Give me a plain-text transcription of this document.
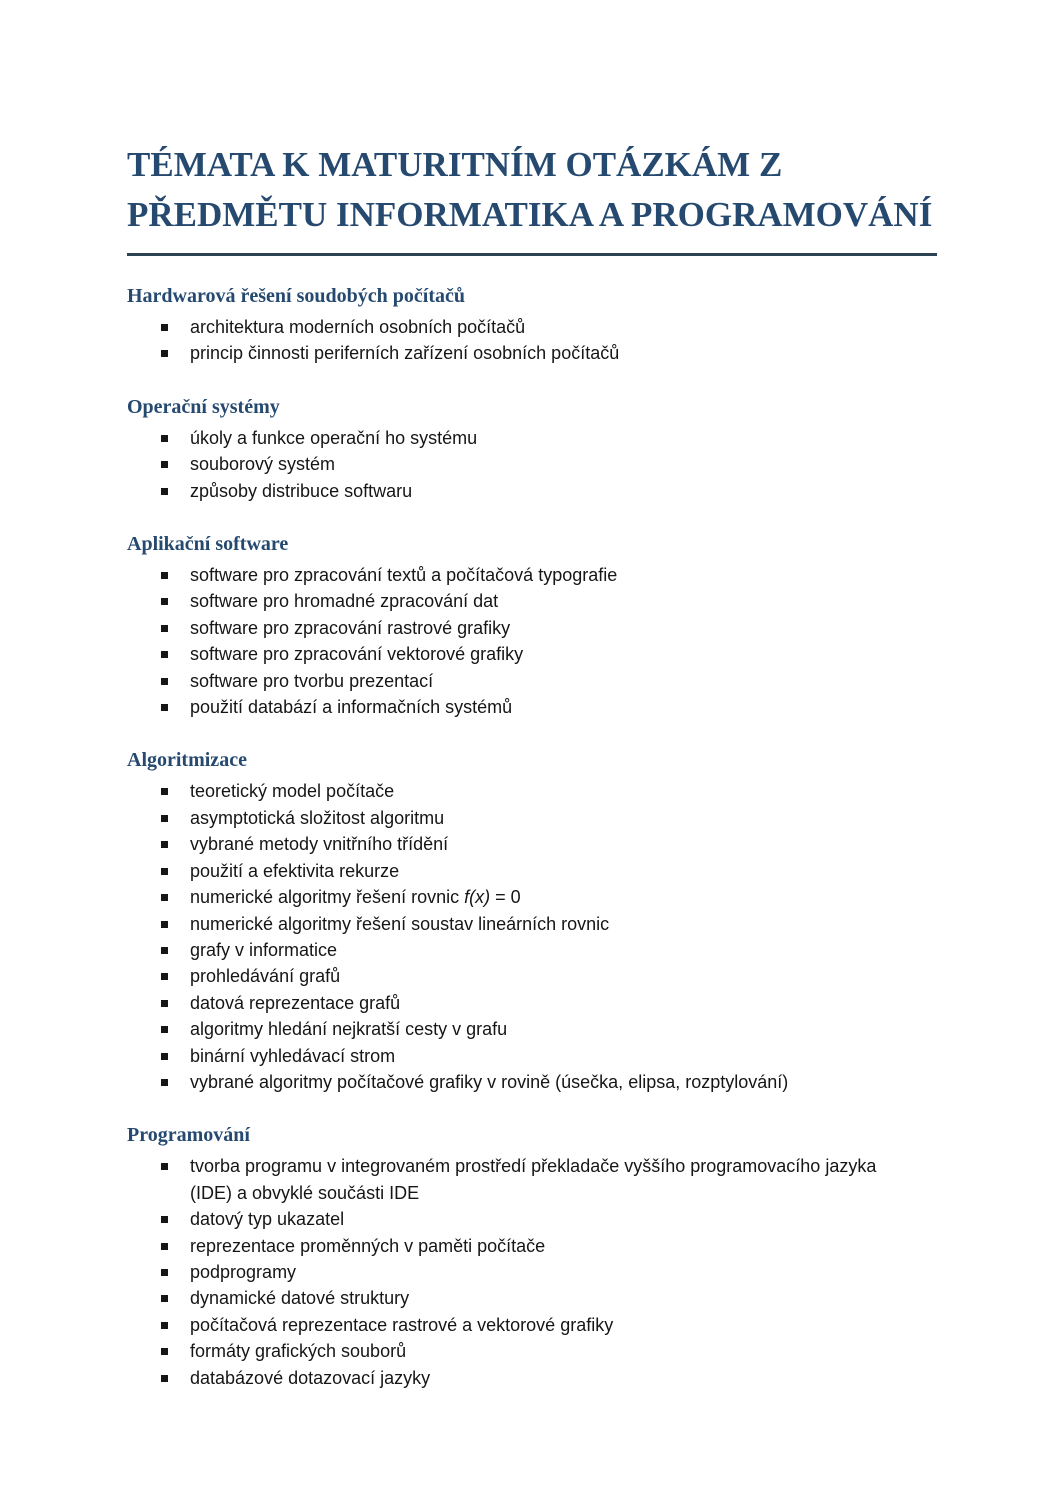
TÉMATA K MATURITNÍM OTÁZKÁM Z PŘEDMĚTU INFORMATIKA A PROGRAMOVÁNÍ
Hardwarová řešení soudobých počítačů
architektura moderních osobních počítačů
princip činnosti periferních zařízení osobních počítačů
Operační systémy
úkoly a funkce operační ho systému
souborový systém
způsoby distribuce softwaru
Aplikační software
software pro zpracování textů a počítačová typografie
software pro hromadné zpracování dat
software pro zpracování rastrové grafiky
software pro zpracování vektorové grafiky
software pro tvorbu prezentací
použití databází a informačních systémů
Algoritmizace
teoretický model počítače
asymptotická složitost algoritmu
vybrané metody vnitřního třídění
použití a efektivita rekurze
numerické algoritmy řešení rovnic f(x) = 0
numerické algoritmy řešení soustav lineárních rovnic
grafy v informatice
prohledávání grafů
datová reprezentace grafů
algoritmy hledání nejkratší cesty v grafu
binární vyhledávací strom
vybrané algoritmy počítačové grafiky v rovině (úsečka, elipsa, rozptylování)
Programování
tvorba programu v integrovaném prostředí překladače vyššího programovacího jazyka (IDE) a obvyklé součásti IDE
datový typ ukazatel
reprezentace proměnných v paměti počítače
podprogramy
dynamické datové struktury
počítačová reprezentace rastrové a vektorové grafiky
formáty grafických souborů
databázové dotazovací jazyky
